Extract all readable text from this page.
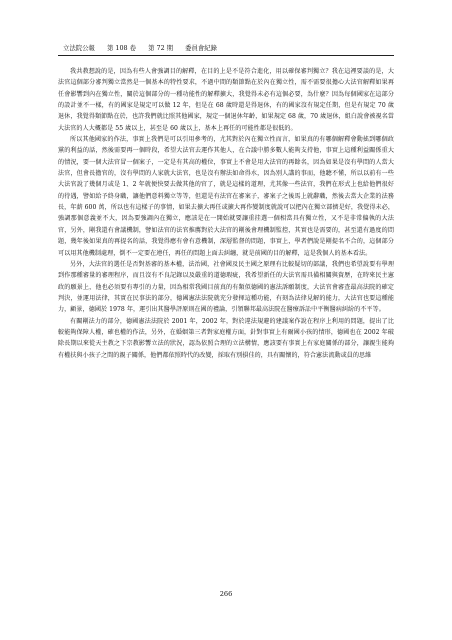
立法院公報 第 108 卷 第 72 期 委員會紀錄

我共教想說的是，因為有些人會強調目的解釋，在目的上是不是符合進化，用以確保審判獨立？我在這裡要談的是，大法官這個部分審判獨立當然是一個基本的特性要求，不過中間的類節點在於內在獨立性，需不需要很擔心大法官解釋如果再任會影響到內在獨立性，關於這個部分的一種功能性的解釋擴大，我覺得未必有這個必要，為什麼？因為每個國家在這部分的設計並不一樣，有的國家是規定可以做 12 年，但是在 68 歲時還是得退休，有的國家沒有規定任期，但是有規定 70 歲退休，我覺得類節點在於，也許我們就比照其他國家，規定一個退休年齡，如果規定 68 歲，70 歲退休，組白說會被視名當大法官的人大概都是 55 歲以上，甚至是 60 歲以上，基本上再任的可能性都是很低的。

所以其他國家的作法，事實上我們是可以引用參考的，尤其對於內在獨立性而言，如果真的有哪個解釋會動搖到哪個政黨的利益的話，然後需要再一個時段，希望大法官去運作其他人，在合議中勝多數人能夠支持他，事實上這種利益關係重大的情況，要一個大法官冒一個案子，一定是有其高的權位，事實上不會是用大法官的再餘名，因為如果是沒有學問的人當大法官，但會長擔官的，沒有學問的人家就大法官，也是沒有辦法如命得水，因為別人講的事而，他聽不懂，所以以前有一些大法官說了幾個月或是 1、2 年就便快要去做其他的官了，就是這樣的道理，尤其像一些法官，我們在形式上也給他們很好的待遇，譬如給予終身職，讓他們意料獨立等等，但還是有法官在審案子，審案子之後馬上就辭職，然後去當大企業的法務長，年薪 600 萬，所以也有這樣子的事情，如果去擴大再任或擴大再作變制度就說可以把內在獨立部擠是好，我覺得未必，強調那個意義並不大，因為要強調內在獨立，應該是在一開始就要讓重挂選一個相當具有獨立性，又不是非常偏執的大法官，另外，剛我還有會議機制，譬如法官的法官推薦對於大法官的剛後會理機制監控，其實也是需要的，甚至還有過度的問題，幾年後如果真的再提名的話，我覺得應有會有意機制，深層監督的問題，事實上，學者們說是剛提名不合的，這個部分可以用其他機制處理，倒不一定要在連任，再任的問題上面去糾纏，就是前國的目的解釋，這是我個人的基本看法。

另外，大法官的選任是否對基審的基本權，法治國，社會國及民主國之原理有比較疑切的部議，我們也希望說要有學理到作那種審量的審理程序，而且沒有不良記錄以及嚴重的道德瑕疵，我希望新任的大法官需具備相關與資歷，在時來民主憲政的願景上，他也必須要有專引的力量，因為相常我國目前真的有類似德國的憲法訴願制度，大法官會審查最高法院的確定判決，並運用法律，其實在民事法的部分，德國憲法法院就充分發揮這種功能，有刻為法律見解的能力，大法官也要這種能力，顧景，德國於 1978 年，運引出其醫學評原則在國的禮論，引領聯邦最高法院在醫療訴訟中平衡醫病糾紛的不平等。

有關剛法力的部分，德國憲法法院於 2001 年，2002 年，對於違法規避的建議案作說在程序上利用的問題，提出了比較能夠保障人權，確也權的作法，另外，在婚姻第三者對家庭權方面，針對事實上有爾國小孩的情形，德國也在 2002 年破除長期以來從天主教之下宗教影響立法的狀況，認為依照合理的立法構情，應該要有事實上有家庭關係的部分，讓親生能夠有權扶與小孩子之間的親子關係，他們都依照時代的改變，採取有別損佳的，具有關懷的，符合憲法流動或員的思維

266
